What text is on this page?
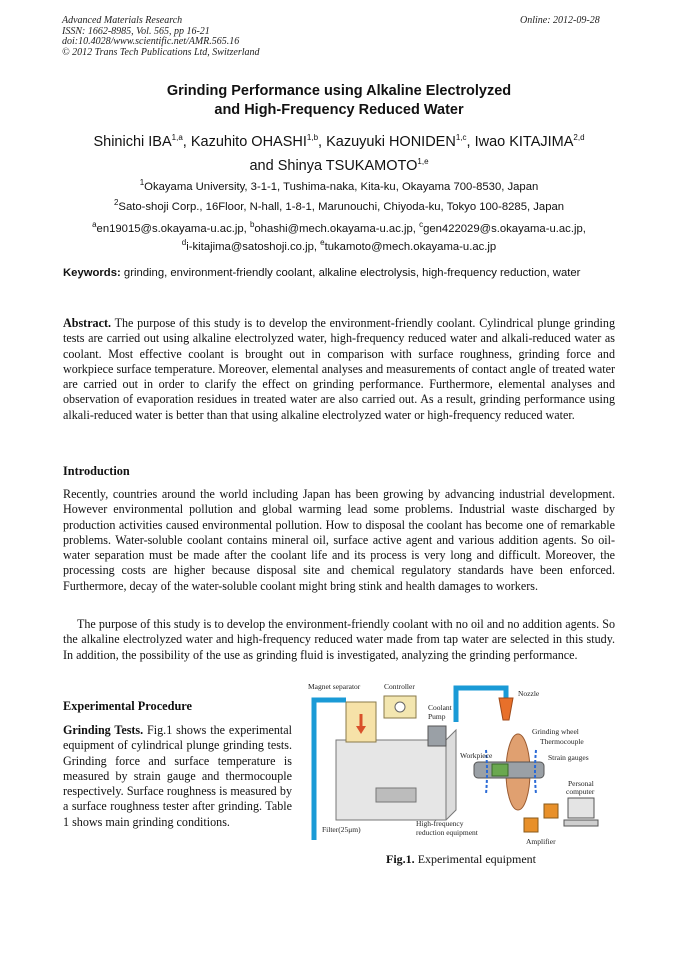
Advanced Materials Research
ISSN: 1662-8985, Vol. 565, pp 16-21
doi:10.4028/www.scientific.net/AMR.565.16
© 2012 Trans Tech Publications Ltd, Switzerland
Online: 2012-09-28
Grinding Performance using Alkaline Electrolyzed
and High-Frequency Reduced Water
Shinichi IBA$^{1,a}$, Kazuhito OHASHI$^{1,b}$, Kazuyuki HONIDEN$^{1,c}$, Iwao KITAJIMA$^{2,d}$
and Shinya TSUKAMOTO$^{1,e}$
$^1$Okayama University, 3-1-1, Tushima-naka, Kita-ku, Okayama 700-8530, Japan
$^2$Sato-shoji Corp., 16Floor, N-hall, 1-8-1, Marunouchi, Chiyoda-ku, Tokyo 100-8285, Japan
$^a$en19015@s.okayama-u.ac.jp, $^b$ohashi@mech.okayama-u.ac.jp, $^c$gen422029@s.okayama-u.ac.jp,
$^d$i-kitajima@satoshoji.co.jp, $^e$tukamoto@mech.okayama-u.ac.jp
Keywords: grinding, environment-friendly coolant, alkaline electrolysis, high-frequency reduction, water
Abstract. The purpose of this study is to develop the environment-friendly coolant. Cylindrical plunge grinding tests are carried out using alkaline electrolyzed water, high-frequency reduced water and alkali-reduced water as coolant. Most effective coolant is brought out in comparison with surface roughness, grinding force and workpiece surface temperature. Moreover, elemental analyses and measurements of contact angle of treated water are carried out in order to clarify the effect on grinding performance. Furthermore, elemental analyses and observation of evaporation residues in treated water are also carried out. As a result, grinding performance using alkali-reduced water is better than that using alkaline electrolyzed water or high-frequency reduced water.
Introduction
Recently, countries around the world including Japan has been growing by advancing industrial development. However environmental pollution and global warming lead some problems. Industrial waste discharged by production activities caused environmental pollution. How to disposal the coolant has become one of remarkable problems. Water-soluble coolant contains mineral oil, surface active agent and various addition agents. So oil-water separation must be made after the coolant life and its process is very long and difficult. Moreover, the processing costs are higher because disposal site and chemical regulatory standards have been enforced. Furthermore, decay of the water-soluble coolant might bring stink and health damages to workers.
The purpose of this study is to develop the environment-friendly coolant with no oil and no addition agents. So the alkaline electrolyzed water and high-frequency reduced water made from tap water are selected in this study. In addition, the possibility of the use as grinding fluid is investigated, analyzing the grinding performance.
Experimental Procedure
Grinding Tests. Fig.1 shows the experimental equipment of cylindrical plunge grinding tests. Grinding force and surface temperature is measured by strain gauge and thermocouple respectively. Surface roughness is measured by a surface roughness tester after grinding. Table 1 shows main grinding conditions.
Magnet separator	Controller
Coolant
Pump
Nozzle
Grinding wheel
Thermocouple
Workpiece	Strain gauges
Personal
computer
Filter(25μm)
High-frequency
reduction equipment
Amplifier
Fig.1. Experimental equipment
